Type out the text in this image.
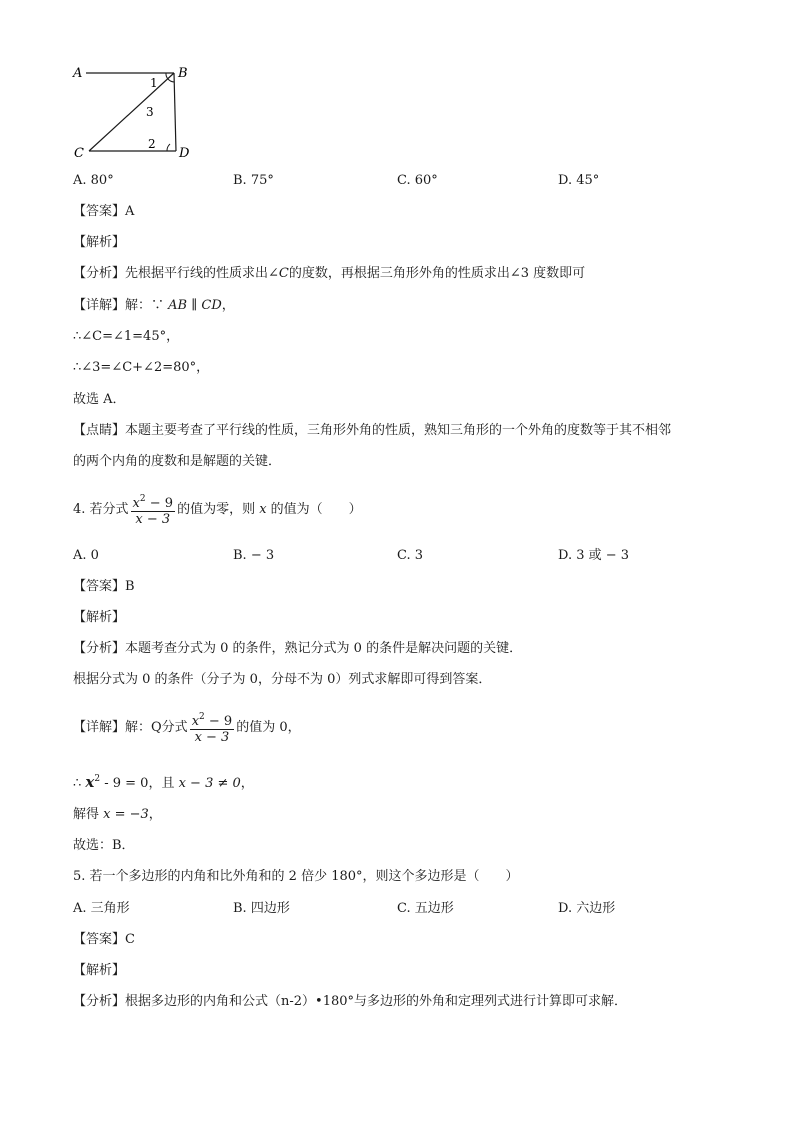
A	B
C	D
1
3
2
A. 80°	B. 75°	C. 60°	D. 45°
【答案】A
【解析】
【分析】先根据平行线的性质求出∠C的度数，再根据三角形外角的性质求出∠3 度数即可
【详解】解：∵ AB ∥ CD，
∴∠C=∠1=45°，
∴∠3=∠C+∠2=80°，
故选 A．
【点睛】本题主要考查了平行线的性质，三角形外角的性质，熟知三角形的一个外角的度数等于其不相邻
的两个内角的度数和是解题的关键．
4. 若分式 $\frac{x^2 - 9}{x - 3}$ 的值为零，则 x 的值为（　　）
A. 0	B. − 3	C. 3	D. 3 或 − 3
【答案】B
【解析】
【分析】本题考查分式为 0 的条件，熟记分式为 0 的条件是解决问题的关键．
根据分式为 0 的条件（分子为 0，分母不为 0）列式求解即可得到答案．
【详解】解：Q分式 $\frac{x^2 - 9}{x - 3}$ 的值为 0，
∴ $x^2 - 9 = 0$，且 x − 3 ≠ 0，
解得 x = −3，
故选：B．
5. 若一个多边形的内角和比外角和的 2 倍少 180°，则这个多边形是（　　）
A. 三角形	B. 四边形	C. 五边形	D. 六边形
【答案】C
【解析】
【分析】根据多边形的内角和公式（n-2）•180°与多边形的外角和定理列式进行计算即可求解．
